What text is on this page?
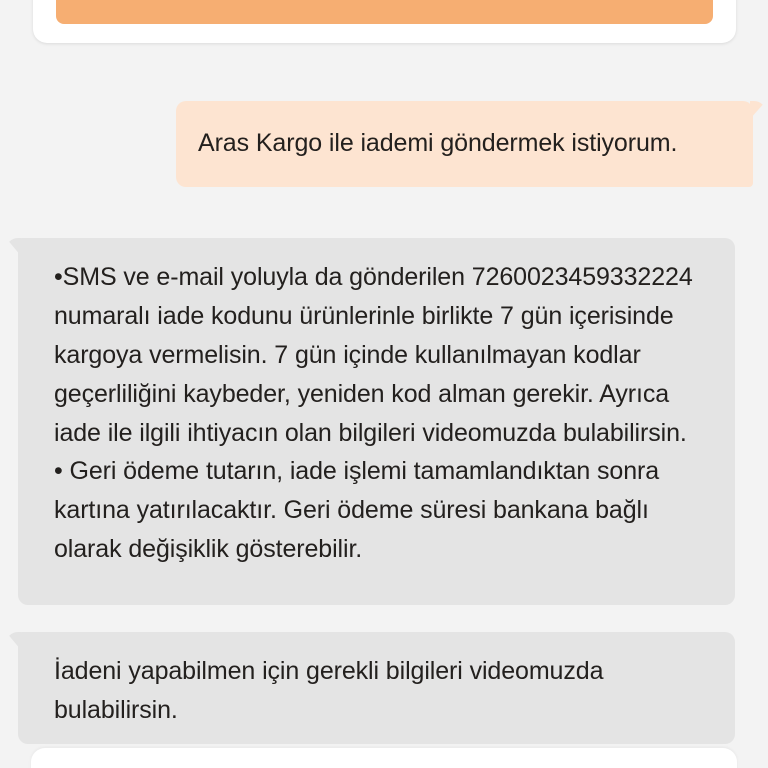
Aras Kargo ile iademi göndermek istiyorum.

•SMS ve e-mail yoluyla da gönderilen 7260023459332224 numaralı iade kodunu ürünlerinle birlikte 7 gün içerisinde kargoya vermelisin. 7 gün içinde kullanılmayan kodlar geçerliliğini kaybeder, yeniden kod alman gerekir. Ayrıca iade ile ilgili ihtiyacın olan bilgileri videomuzda bulabilirsin.

• Geri ödeme tutarın, iade işlemi tamamlandıktan sonra kartına yatırılacaktır. Geri ödeme süresi bankana bağlı olarak değişiklik gösterebilir.

İadeni yapabilmen için gerekli bilgileri videomuzda bulabilirsin.
